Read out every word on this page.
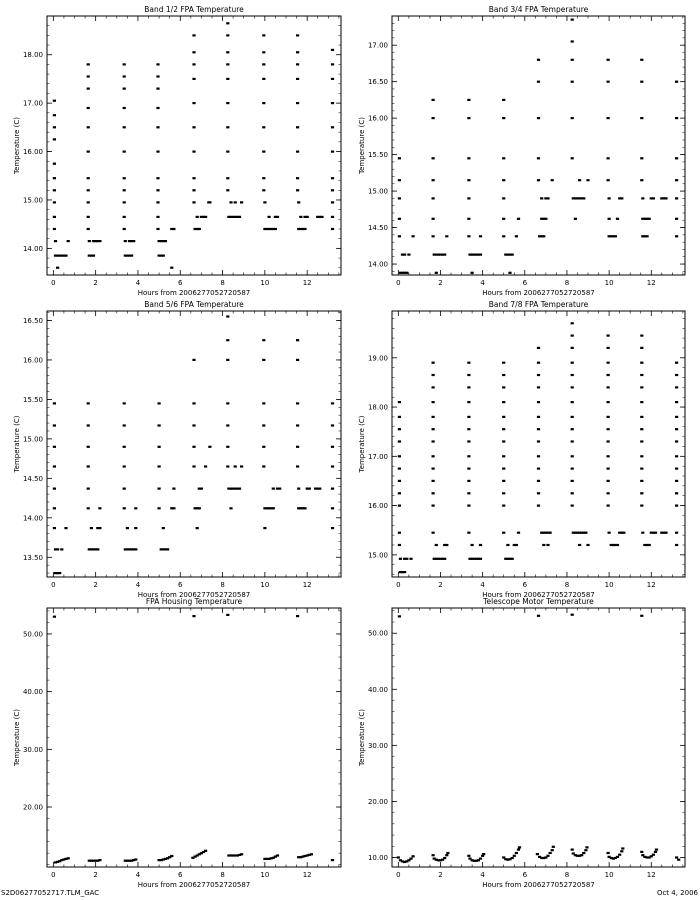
Band 1/2 FPA Temperature
0	2	4	6	8	10	12
14.00
15.00
16.00
17.00
18.00
Hours from 2006277052720587
Temperature (C)
Band 3/4 FPA Temperature
0	2	4	6	8	10	12
14.00
14.50
15.00
15.50
16.00
16.50
17.00
Hours from 2006277052720587
Temperature (C)
Band 5/6 FPA Temperature
0	2	4	6	8	10	12
13.50
14.00
14.50
15.00
15.50
16.00
16.50
Hours from 2006277052720587
Temperature (C)
Band 7/8 FPA Temperature
0	2	4	6	8	10	12
15.00
16.00
17.00
18.00
19.00
Hours from 2006277052720587
Temperature (C)
FPA Housing Temperature
0	2	4	6	8	10	12
20.00
30.00
40.00
50.00
Hours from 2006277052720587
Temperature (C)
Telescope Motor Temperature
0	2	4	6	8	10	12
10.00
20.00
30.00
40.00
50.00
Hours from 2006277052720587
Temperature (C)
S2D06277052717.TLM_GAC	Oct 4, 2006
